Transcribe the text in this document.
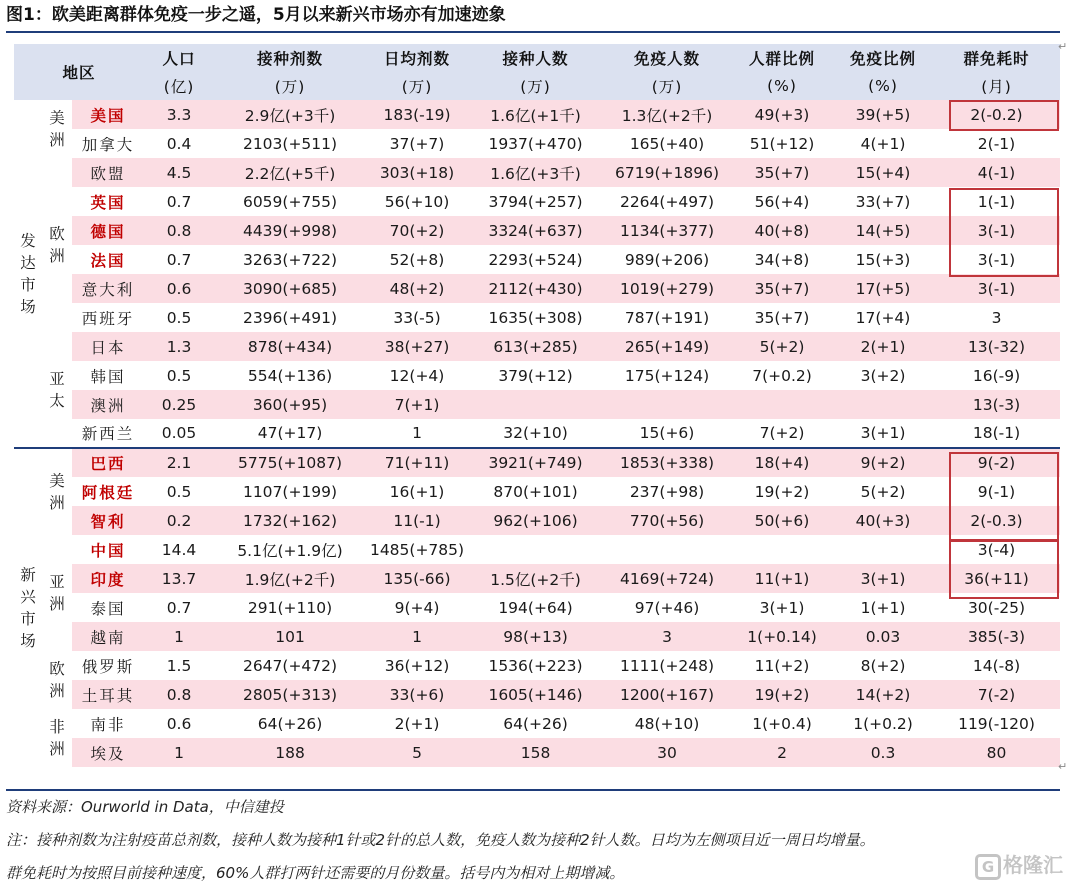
图1：欧美距离群体免疫一步之遥，5月以来新兴市场亦有加速迹象
地区			人口	接种剂数	日均剂数	接种人数	免疫人数	人群比例	免疫比例	群免耗时
			(亿)	(万)	(万)	(万)	(万)	(%)	(%)	(月)
发达市场	美洲	美国	3.3	2.9亿(+3千)	183(-19)	1.6亿(+1千)	1.3亿(+2千)	49(+3)	39(+5)	2(-0.2)
		加拿大	0.4	2103(+511)	37(+7)	1937(+470)	165(+40)	51(+12)	4(+1)	2(-1)
	欧洲	欧盟	4.5	2.2亿(+5千)	303(+18)	1.6亿(+3千)	6719(+1896)	35(+7)	15(+4)	4(-1)
		英国	0.7	6059(+755)	56(+10)	3794(+257)	2264(+497)	56(+4)	33(+7)	1(-1)
		德国	0.8	4439(+998)	70(+2)	3324(+637)	1134(+377)	40(+8)	14(+5)	3(-1)
		法国	0.7	3263(+722)	52(+8)	2293(+524)	989(+206)	34(+8)	15(+3)	3(-1)
		意大利	0.6	3090(+685)	48(+2)	2112(+430)	1019(+279)	35(+7)	17(+5)	3(-1)
		西班牙	0.5	2396(+491)	33(-5)	1635(+308)	787(+191)	35(+7)	17(+4)	3
	亚太	日本	1.3	878(+434)	38(+27)	613(+285)	265(+149)	5(+2)	2(+1)	13(-32)
		韩国	0.5	554(+136)	12(+4)	379(+12)	175(+124)	7(+0.2)	3(+2)	16(-9)
		澳洲	0.25	360(+95)	7(+1)					13(-3)
		新西兰	0.05	47(+17)	1	32(+10)	15(+6)	7(+2)	3(+1)	18(-1)
新兴市场	美洲	巴西	2.1	5775(+1087)	71(+11)	3921(+749)	1853(+338)	18(+4)	9(+2)	9(-2)
		阿根廷	0.5	1107(+199)	16(+1)	870(+101)	237(+98)	19(+2)	5(+2)	9(-1)
		智利	0.2	1732(+162)	11(-1)	962(+106)	770(+56)	50(+6)	40(+3)	2(-0.3)
	亚洲	中国	14.4	5.1亿(+1.9亿)	1485(+785)					3(-4)
		印度	13.7	1.9亿(+2千)	135(-66)	1.5亿(+2千)	4169(+724)	11(+1)	3(+1)	36(+11)
		泰国	0.7	291(+110)	9(+4)	194(+64)	97(+46)	3(+1)	1(+1)	30(-25)
		越南	1	101	1	98(+13)	3	1(+0.14)	0.03	385(-3)
	欧洲	俄罗斯	1.5	2647(+472)	36(+12)	1536(+223)	1111(+248)	11(+2)	8(+2)	14(-8)
		土耳其	0.8	2805(+313)	33(+6)	1605(+146)	1200(+167)	19(+2)	14(+2)	7(-2)
	非洲	南非	0.6	64(+26)	2(+1)	64(+26)	48(+10)	1(+0.4)	1(+0.2)	119(-120)
		埃及	1	188	5	158	30	2	0.3	80
↵
↵
资料来源：Ourworld in Data，中信建投
注：接种剂数为注射疫苗总剂数，接种人数为接种1针或2针的总人数，免疫人数为接种2针人数。日均为左侧项目近一周日均增量。
群免耗时为按照目前接种速度，60%人群打两针还需要的月份数量。括号内为相对上期增减。	G 格隆汇
